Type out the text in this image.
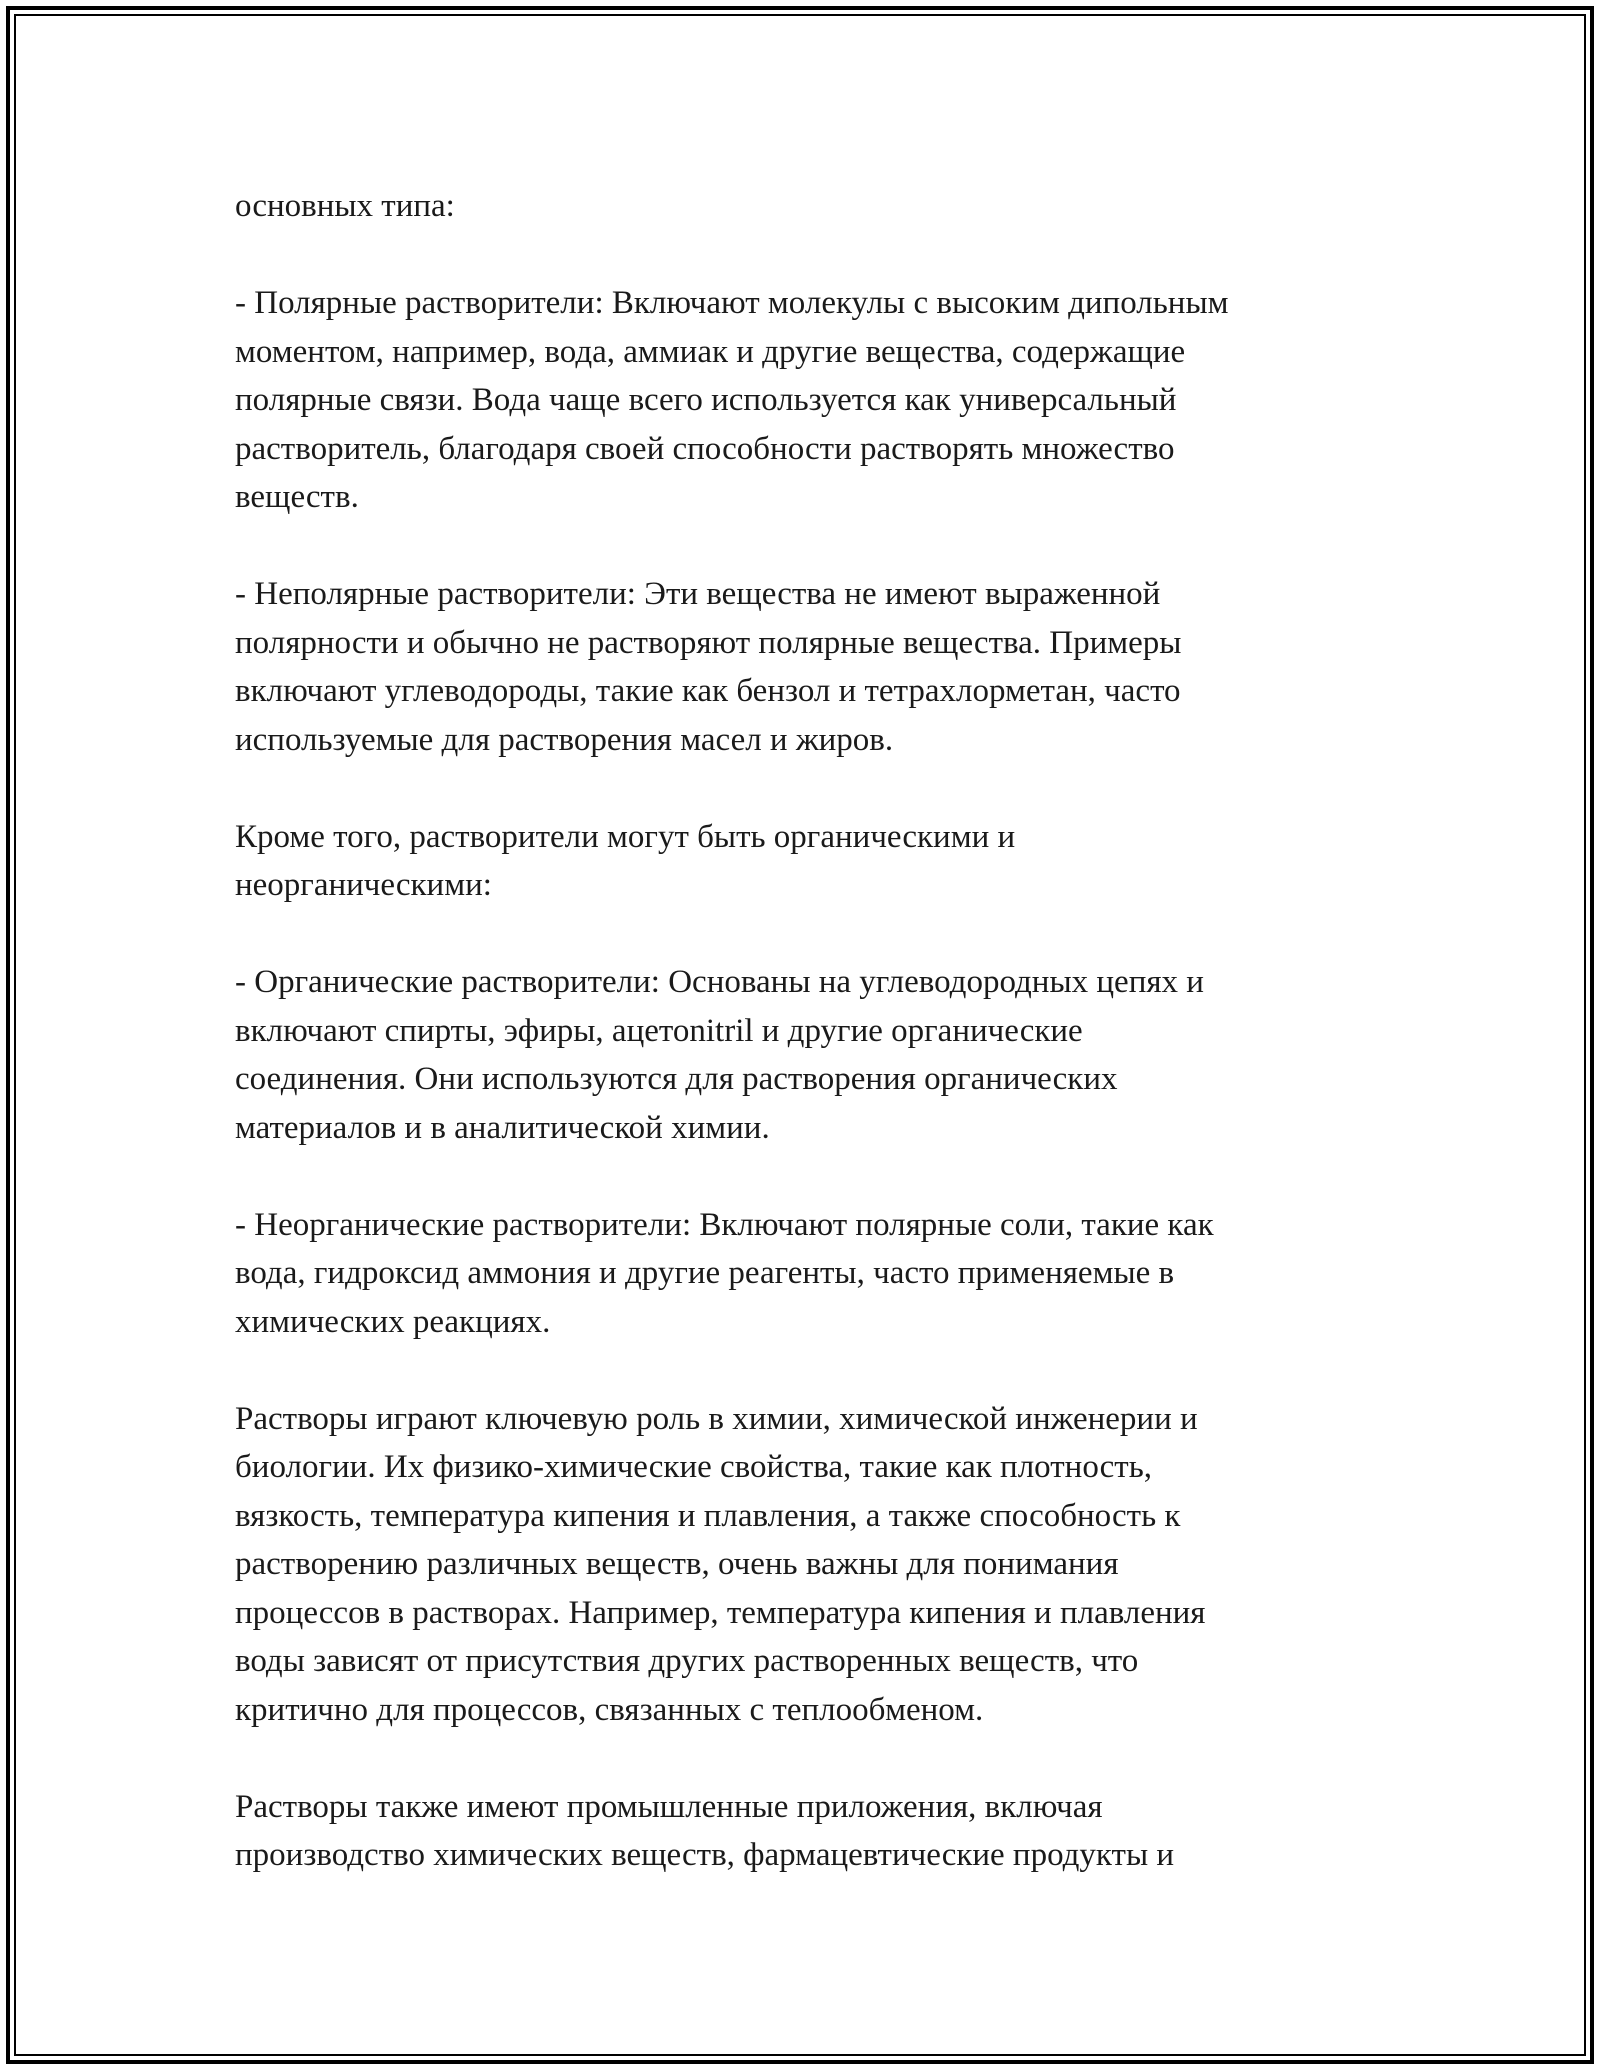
основных типа:

- Полярные растворители: Включают молекулы с высоким дипольным
моментом, например, вода, аммиак и другие вещества, содержащие
полярные связи. Вода чаще всего используется как универсальный
растворитель, благодаря своей способности растворять множество
веществ.

- Неполярные растворители: Эти вещества не имеют выраженной
полярности и обычно не растворяют полярные вещества. Примеры
включают углеводороды, такие как бензол и тетрахлорметан, часто
используемые для растворения масел и жиров.

Кроме того, растворители могут быть органическими и
неорганическими:

- Органические растворители: Основаны на углеводородных цепях и
включают спирты, эфиры, ацетоnitril и другие органические
соединения. Они используются для растворения органических
материалов и в аналитической химии.

- Неорганические растворители: Включают полярные соли, такие как
вода, гидроксид аммония и другие реагенты, часто применяемые в
химических реакциях.

Растворы играют ключевую роль в химии, химической инженерии и
биологии. Их физико-химические свойства, такие как плотность,
вязкость, температура кипения и плавления, а также способность к
растворению различных веществ, очень важны для понимания
процессов в растворах. Например, температура кипения и плавления
воды зависят от присутствия других растворенных веществ, что
критично для процессов, связанных с теплообменом.

Растворы также имеют промышленные приложения, включая
производство химических веществ, фармацевтические продукты и
